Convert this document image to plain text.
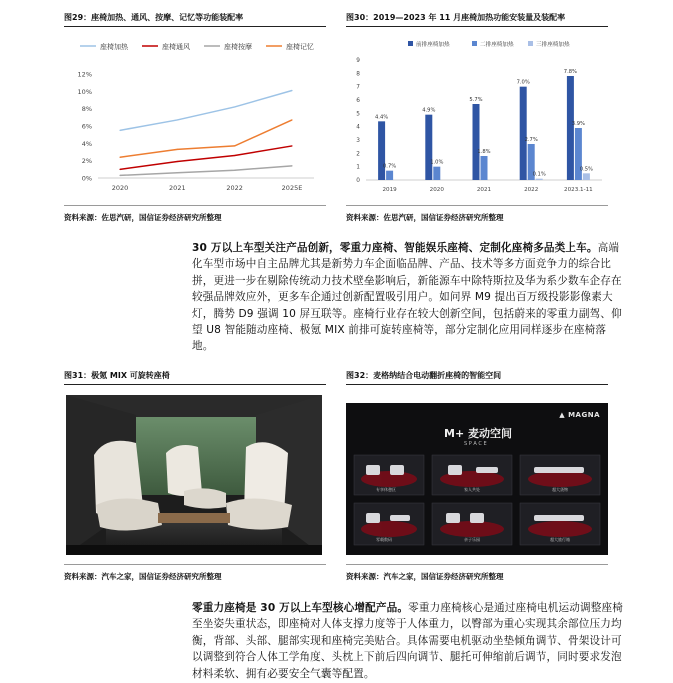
图29：座椅加热、通风、按摩、记忆等功能装配率
座椅加热	座椅通风	座椅按摩	座椅记忆
0%
2%
4%
6%
8%
10%
12%
2020	2021	2022	2025E
资料来源：佐思汽研，国信证券经济研究所整理
图30：2019—2023 年 11 月座椅加热功能安装量及装配率
前排座椅加热	二排座椅加热	三排座椅加热
0
1
2
3
4
5
6
7
8
9
4.4%
0.7%
2019
4.9%
1.0%
2020
5.7%
1.8%
2021
7.0%
2.7%
0.1%
2022
7.8%
3.9%
0.5%
2023.1-11
资料来源：佐思汽研，国信证券经济研究所整理
30 万以上车型关注产品创新，零重力座椅、智能娱乐座椅、定制化座椅多品类上车。高端化车型市场中自主品牌尤其是新势力车企面临品牌、产品、技术等多方面竞争力的综合比拼，更进一步在剔除传统动力技术壁垒影响后，新能源车中除特斯拉及华为系少数车企存在较强品牌效应外，更多车企通过创新配置吸引用户。如问界 M9 提出百万级投影影像素大灯，腾势 D9 强调 10 屏互联等。座椅行业存在较大创新空间，包括蔚来的零重力副驾、仰望 U8 智能随动座椅、极氪 MIX 前排可旋转座椅等，部分定制化应用同样逐步在座椅落地。
图31：极氪 MIX 可旋转座椅
资料来源：汽车之家，国信证券经济研究所整理
图32：麦格纳结合电动翻折座椅的智能空间
▲ MAGNA
M+ 麦动空间
S P A C E
专享休憩区	家人共处	超大货物
零载数码	亲子乐园	超大旅行箱
资料来源：汽车之家，国信证券经济研究所整理
零重力座椅是 30 万以上车型核心增配产品。零重力座椅核心是通过座椅电机运动调整座椅至坐姿失重状态，即座椅对人体支撑力度等于人体重力，以臀部为重心实现其余部位压力均衡，背部、头部、腿部实现和座椅完美贴合。具体需要电机驱动坐垫倾角调节、骨架设计可以调整到符合人体工学角度、头枕上下前后四向调节、腿托可伸缩前后调节，同时要求发泡材料柔软、拥有必要安全气囊等配置。
